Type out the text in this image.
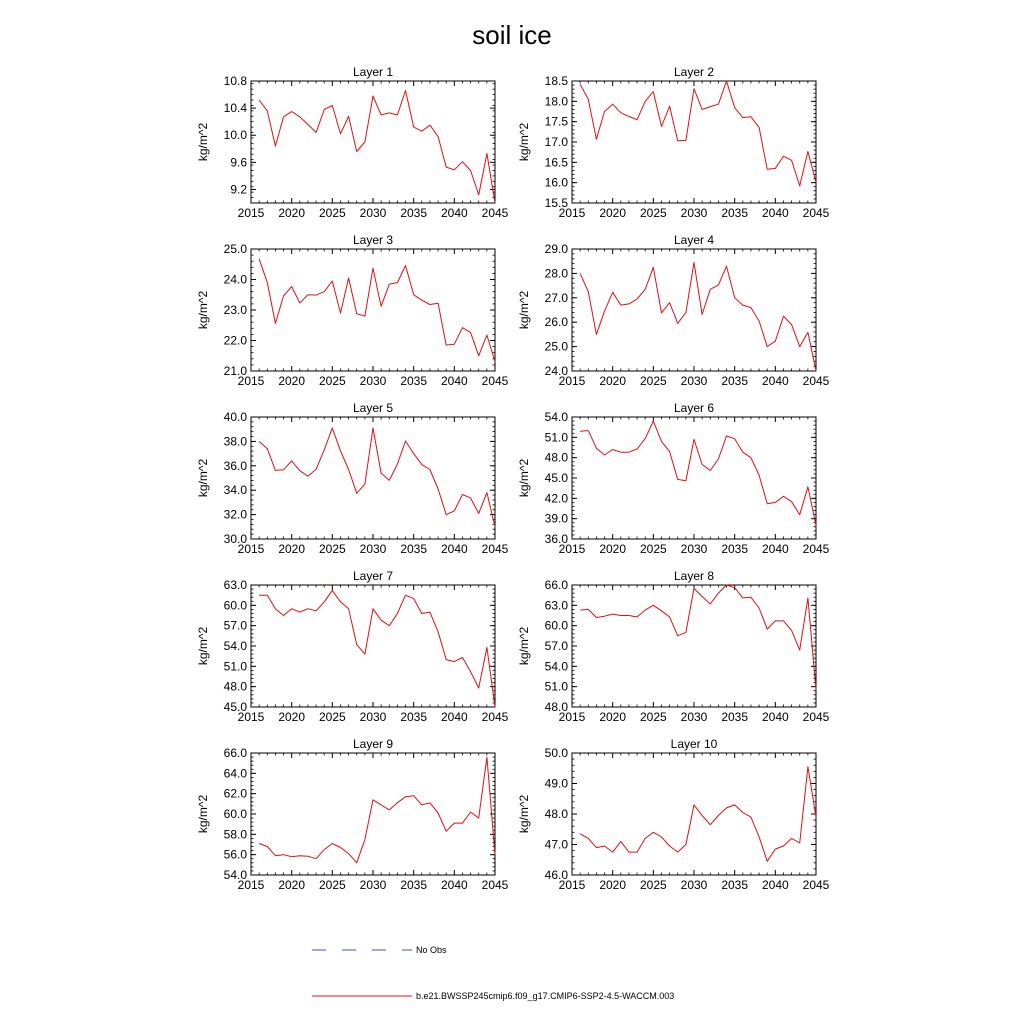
soil ice
Layer 1
kg/m^2
2015 2020 2025 2030 2035 2040 2045
9.2
9.6
10.0
10.4
10.8
Layer 2
kg/m^2
2015 2020 2025 2030 2035 2040 2045
15.5
16.0
16.5
17.0
17.5
18.0
18.5
Layer 3
kg/m^2
2015 2020 2025 2030 2035 2040 2045
21.0
22.0
23.0
24.0
25.0
Layer 4
kg/m^2
2015 2020 2025 2030 2035 2040 2045
24.0
25.0
26.0
27.0
28.0
29.0
Layer 5
kg/m^2
2015 2020 2025 2030 2035 2040 2045
30.0
32.0
34.0
36.0
38.0
40.0
Layer 6
kg/m^2
2015 2020 2025 2030 2035 2040 2045
36.0
39.0
42.0
45.0
48.0
51.0
54.0
Layer 7
kg/m^2
2015 2020 2025 2030 2035 2040 2045
45.0
48.0
51.0
54.0
57.0
60.0
63.0
Layer 8
kg/m^2
2015 2020 2025 2030 2035 2040 2045
48.0
51.0
54.0
57.0
60.0
63.0
66.0
Layer 9
kg/m^2
2015 2020 2025 2030 2035 2040 2045
54.0
56.0
58.0
60.0
62.0
64.0
66.0
Layer 10
kg/m^2
2015 2020 2025 2030 2035 2040 2045
46.0
47.0
48.0
49.0
50.0
No Obs
b.e21.BWSSP245cmip6.f09_g17.CMIP6-SSP2-4.5-WACCM.003
